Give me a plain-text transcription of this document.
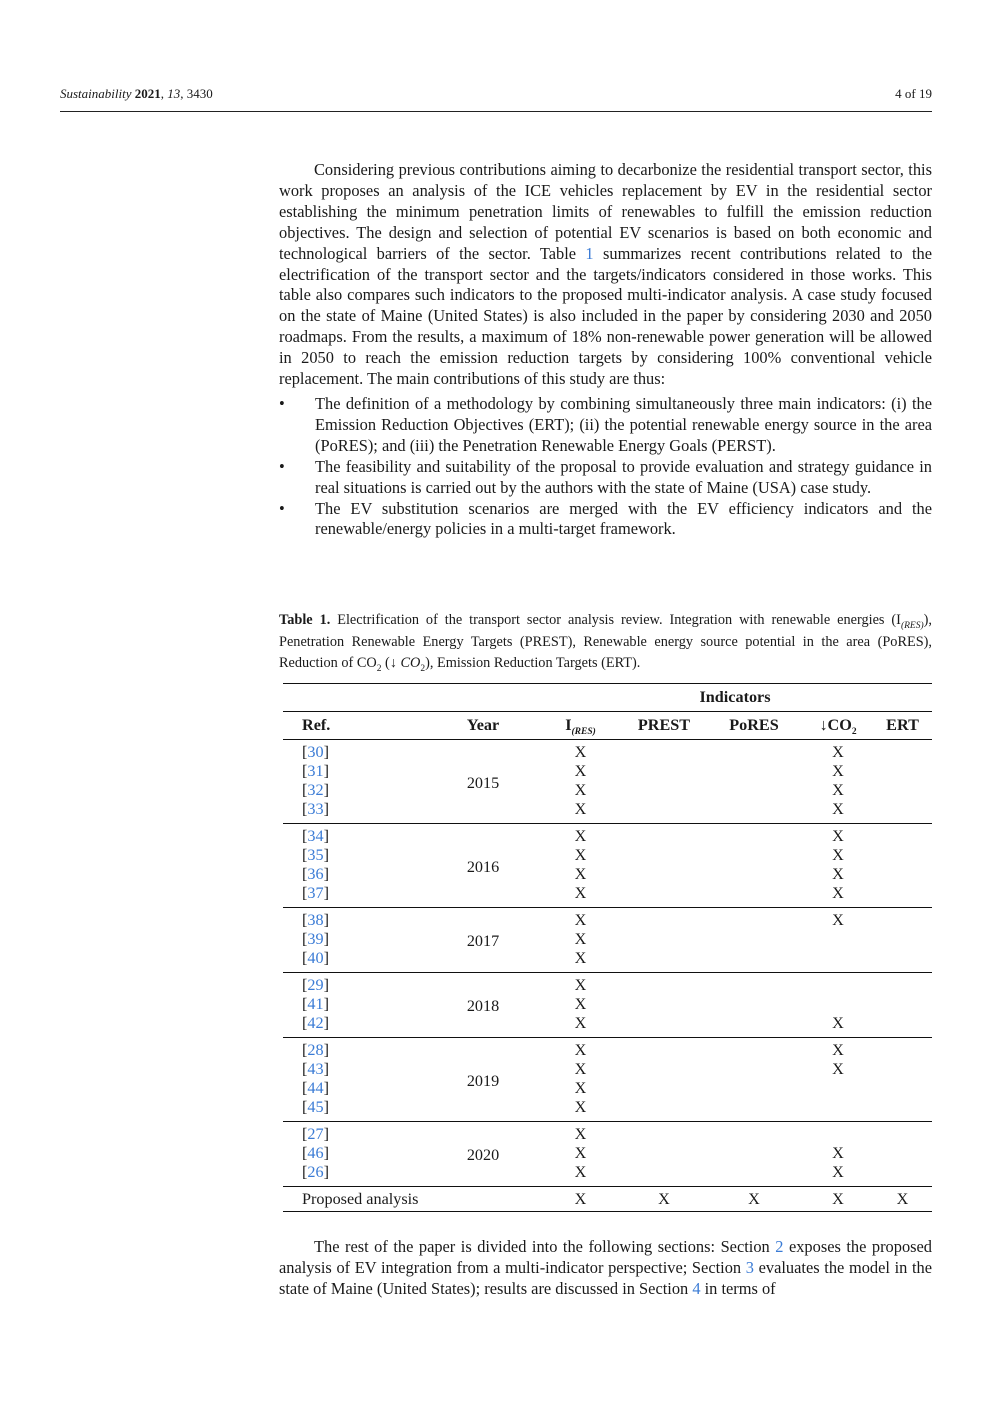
Sustainability 2021, 13, 3430	4 of 19

Considering previous contributions aiming to decarbonize the residential transport sector, this work proposes an analysis of the ICE vehicles replacement by EV in the residential sector establishing the minimum penetration limits of renewables to fulfill the emission reduction objectives. The design and selection of potential EV scenarios is based on both economic and technological barriers of the sector. Table 1 summarizes recent contributions related to the electrification of the transport sector and the targets/indicators considered in those works. This table also compares such indicators to the proposed multi-indicator analysis. A case study focused on the state of Maine (United States) is also included in the paper by considering 2030 and 2050 roadmaps. From the results, a maximum of 18% non-renewable power generation will be allowed in 2050 to reach the emission reduction targets by considering 100% conventional vehicle replacement. The main contributions of this study are thus:

• The definition of a methodology by combining simultaneously three main indicators: (i) the Emission Reduction Objectives (ERT); (ii) the potential renewable energy source in the area (PoRES); and (iii) the Penetration Renewable Energy Goals (PERST).
• The feasibility and suitability of the proposal to provide evaluation and strategy guidance in real situations is carried out by the authors with the state of Maine (USA) case study.
• The EV substitution scenarios are merged with the EV efficiency indicators and the renewable/energy policies in a multi-target framework.
Table 1. Electrification of the transport sector analysis review. Integration with renewable energies $(I_{(RES)})$, Penetration Renewable Energy Targets (PREST), Renewable energy source potential in the area (PoRES), Reduction of $CO_2$ (↓ $CO_2$), Emission Reduction Targets (ERT).
		Indicators				
Ref.	Year	$I_{(RES)}$	PREST	PoRES	$↓CO_2$	ERT
[30]	2015	X			X	
[31]		X			X	
[32]		X			X	
[33]		X			X	
[34]	2016	X			X	
[35]		X			X	
[36]		X			X	
[37]		X			X	
[38]	2017	X			X	
[39]		X				
[40]		X				
[29]	2018	X				
[41]		X				
[42]		X			X	
[28]	2019	X			X	
[43]		X			X	
[44]		X				
[45]		X				
[27]	2020	X				
[46]		X			X	
[26]		X			X	
Proposed analysis		X	X	X	X	X

The rest of the paper is divided into the following sections: Section 2 exposes the proposed analysis of EV integration from a multi-indicator perspective; Section 3 evaluates the model in the state of Maine (United States); results are discussed in Section 4 in terms of
